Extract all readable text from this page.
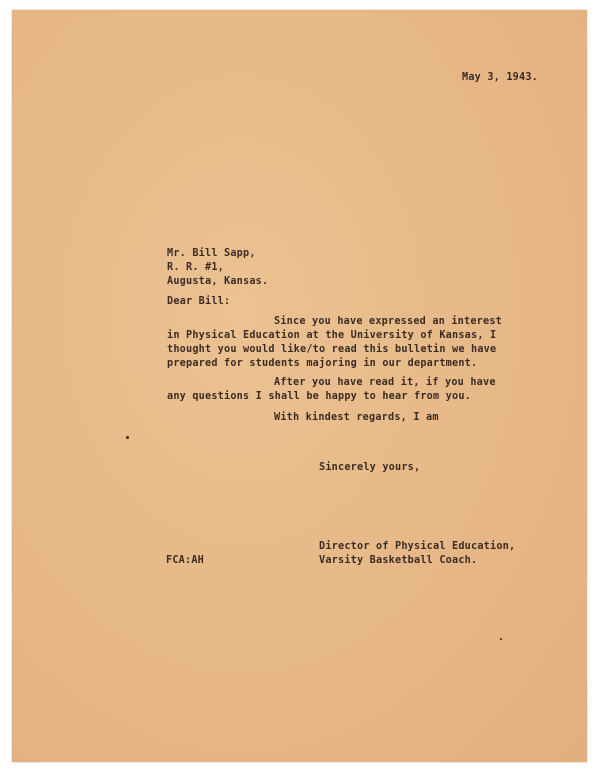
May 3, 1943.
Mr. Bill Sapp,
R. R. #1,
Augusta, Kansas.
Dear Bill:
Since you have expressed an interest
in Physical Education at the University of Kansas, I
thought you would like/to read this bulletin we have
prepared for students majoring in our department.
After you have read it, if you have
any questions I shall be happy to hear from you.
With kindest regards, I am
Sincerely yours,
Director of Physical Education,
Varsity Basketball Coach.
FCA:AH
